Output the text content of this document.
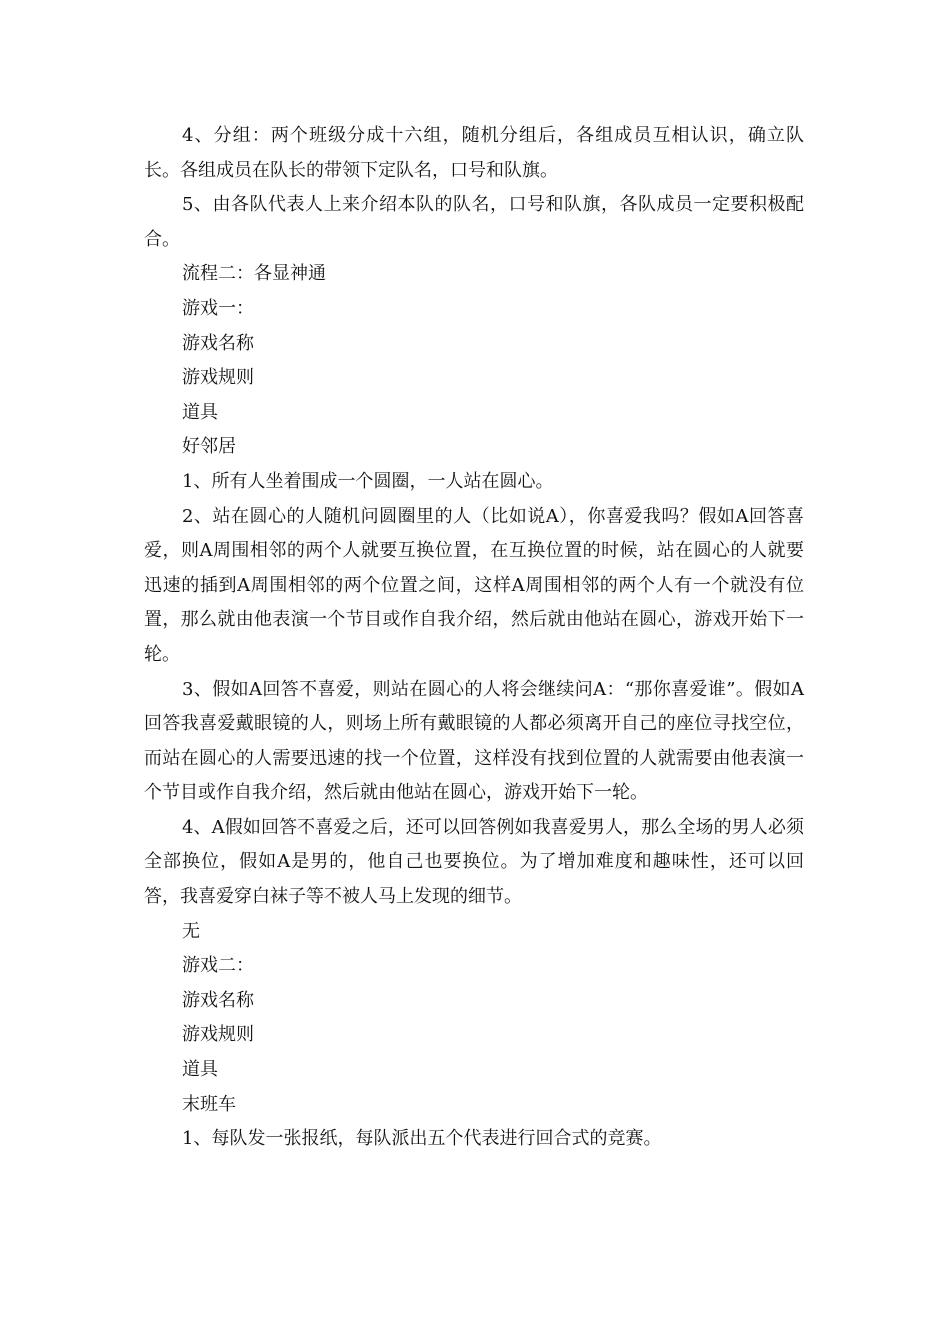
4、分组：两个班级分成十六组，随机分组后，各组成员互相认识，确立队长。各组成员在队长的带领下定队名，口号和队旗。

5、由各队代表人上来介绍本队的队名，口号和队旗，各队成员一定要积极配合。

流程二：各显神通

游戏一：

游戏名称

游戏规则

道具

好邻居

1、所有人坐着围成一个圆圈，一人站在圆心。

2、站在圆心的人随机问圆圈里的人（比如说A），你喜爱我吗？假如A回答喜爱，则A周围相邻的两个人就要互换位置，在互换位置的时候，站在圆心的人就要迅速的插到A周围相邻的两个位置之间，这样A周围相邻的两个人有一个就没有位置，那么就由他表演一个节目或作自我介绍，然后就由他站在圆心，游戏开始下一轮。

3、假如A回答不喜爱，则站在圆心的人将会继续问A：“那你喜爱谁”。假如A回答我喜爱戴眼镜的人，则场上所有戴眼镜的人都必须离开自己的座位寻找空位，而站在圆心的人需要迅速的找一个位置，这样没有找到位置的人就需要由他表演一个节目或作自我介绍，然后就由他站在圆心，游戏开始下一轮。

4、A假如回答不喜爱之后，还可以回答例如我喜爱男人，那么全场的男人必须全部换位，假如A是男的，他自己也要换位。为了增加难度和趣味性，还可以回答，我喜爱穿白袜子等不被人马上发现的细节。

无

游戏二：

游戏名称

游戏规则

道具

末班车

1、每队发一张报纸，每队派出五个代表进行回合式的竞赛。
